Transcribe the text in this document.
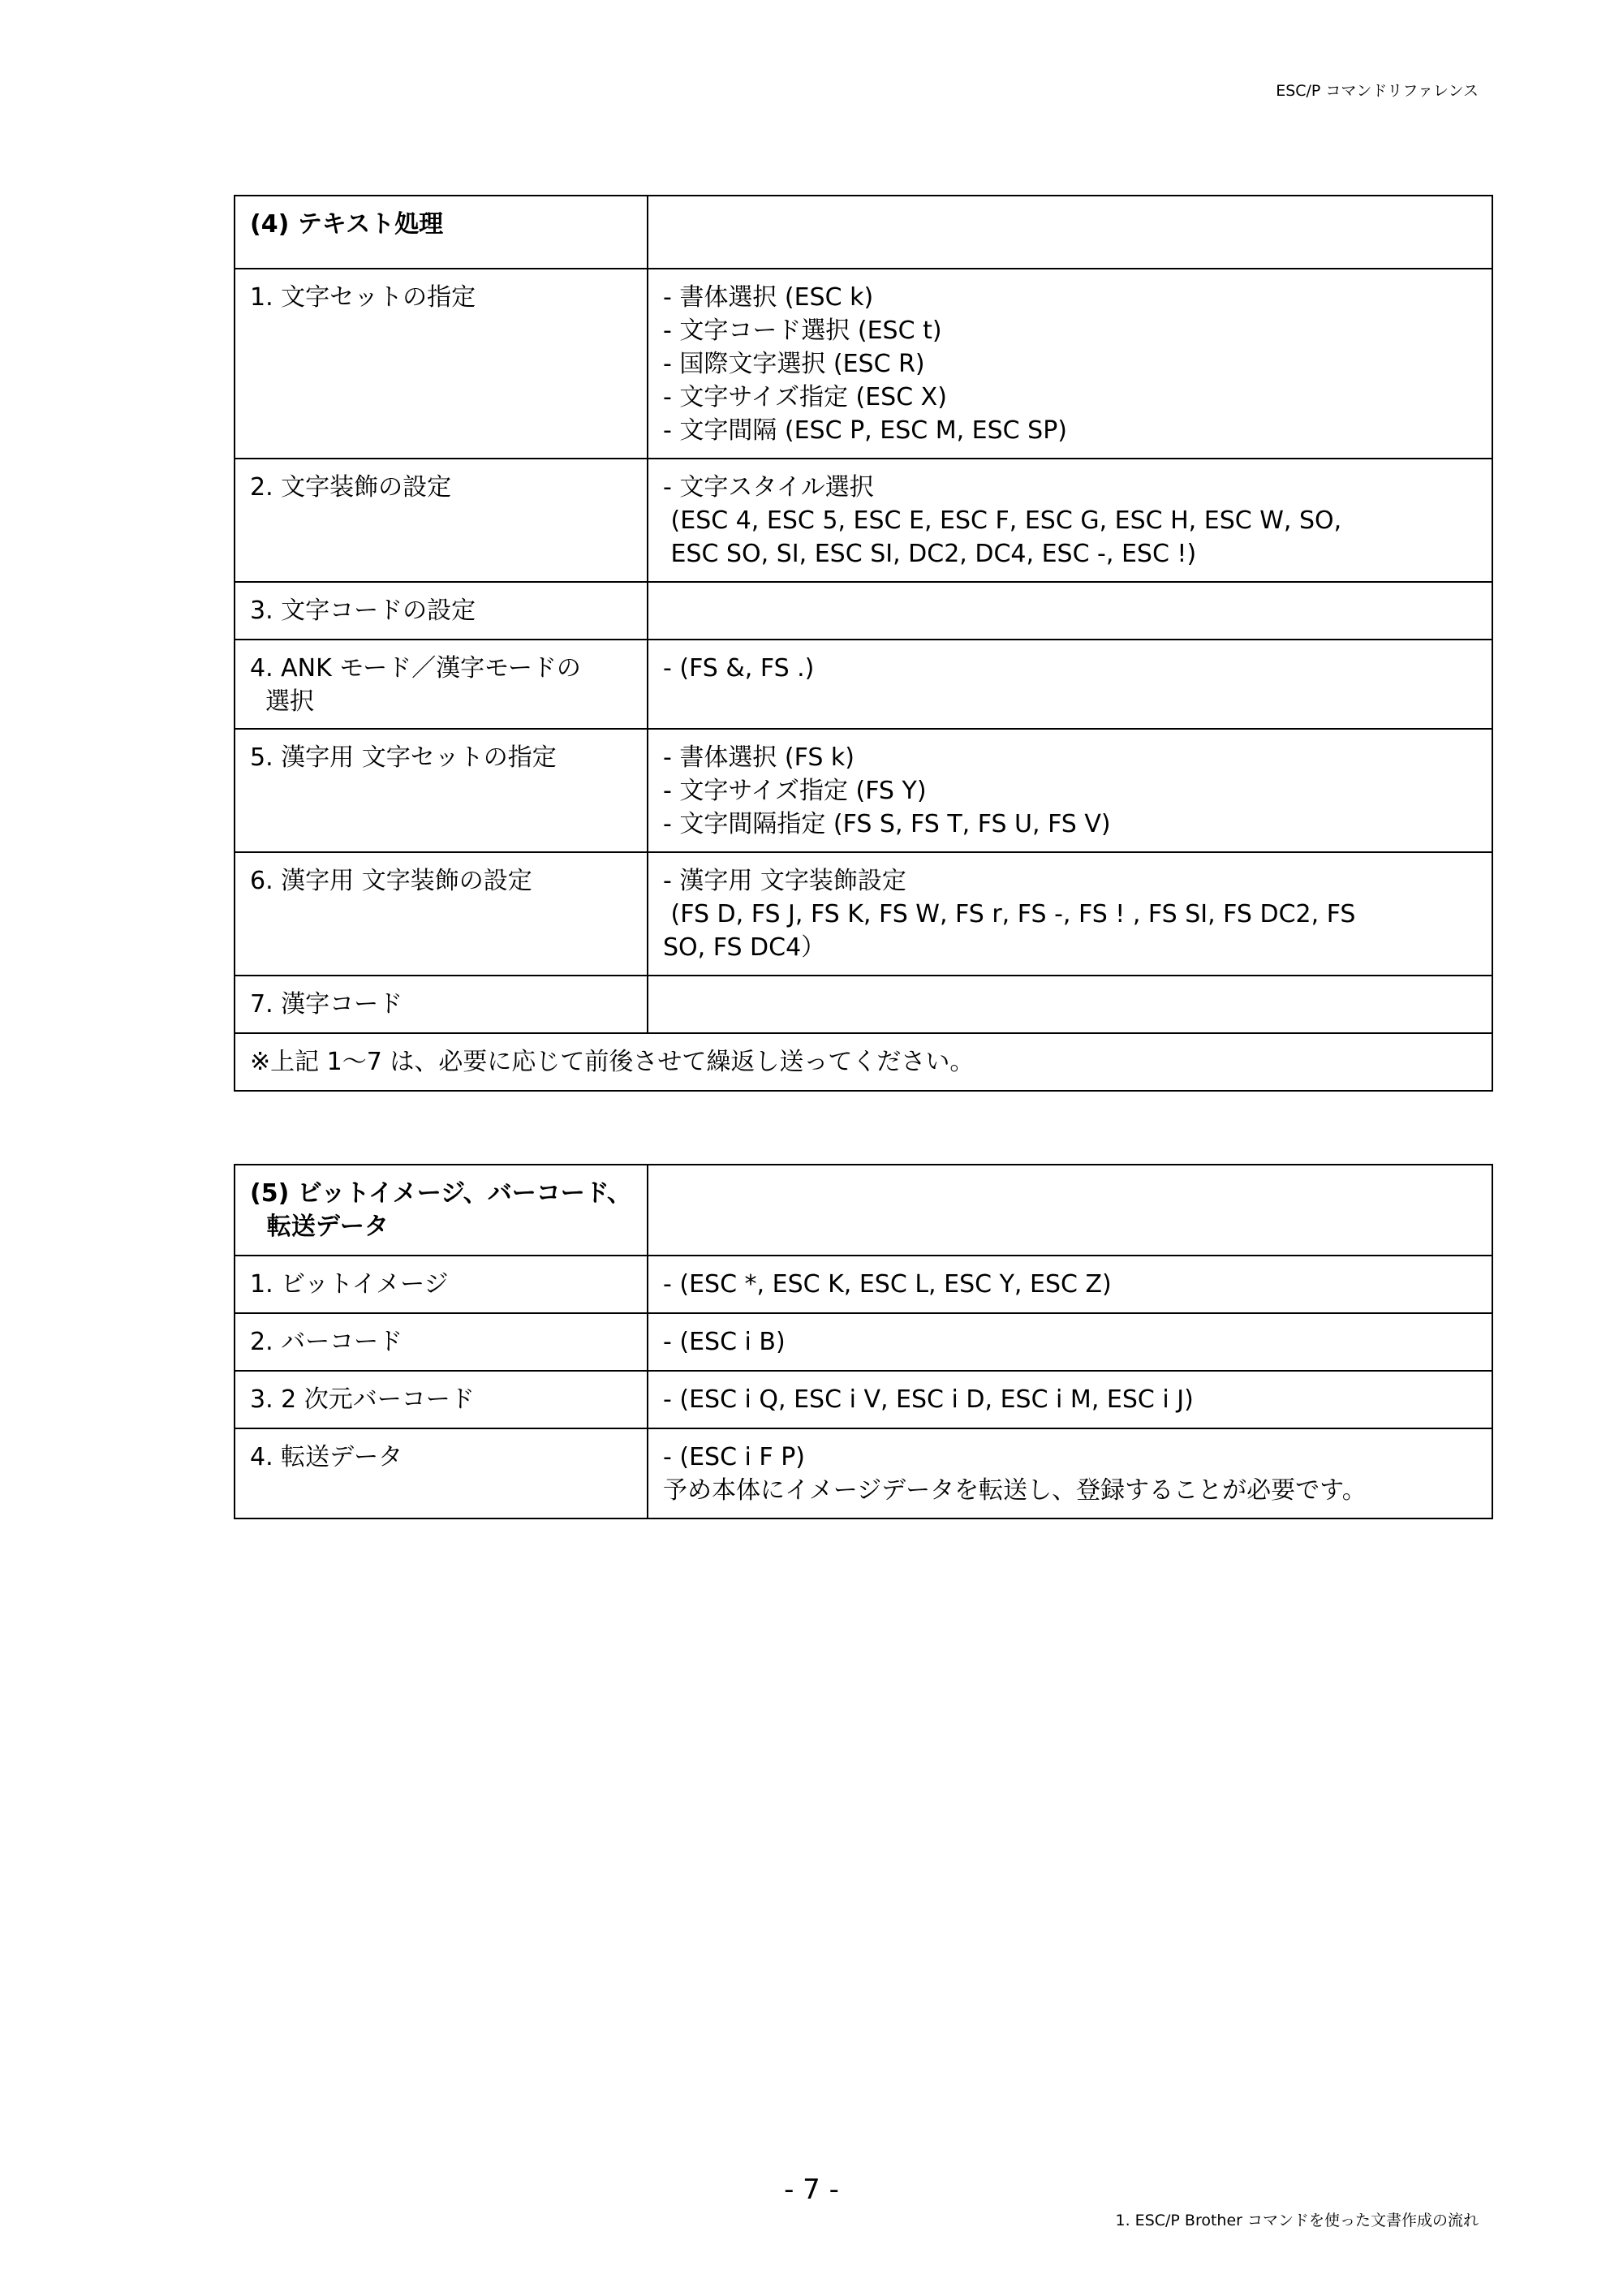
ESC/P コマンドリファレンス
(4) テキスト処理	
1. 文字セットの指定	- 書体選択 (ESC k)
- 文字コード選択 (ESC t)
- 国際文字選択 (ESC R)
- 文字サイズ指定 (ESC X)
- 文字間隔 (ESC P, ESC M, ESC SP)
2. 文字装飾の設定	- 文字スタイル選択
(ESC 4, ESC 5, ESC E, ESC F, ESC G, ESC H, ESC W, SO,
ESC SO, SI, ESC SI, DC2, DC4, ESC -, ESC !)
3. 文字コードの設定	
4. ANK モード／漢字モードの
選択	- (FS &, FS .)
5. 漢字用 文字セットの指定	- 書体選択 (FS k)
- 文字サイズ指定 (FS Y)
- 文字間隔指定 (FS S, FS T, FS U, FS V)
6. 漢字用 文字装飾の設定	- 漢字用 文字装飾設定
(FS D, FS J, FS K, FS W, FS r, FS -, FS ! , FS SI, FS DC2, FS
SO, FS DC4）
7. 漢字コード	
※上記 1〜7 は、必要に応じて前後させて繰返し送ってください。	
(5) ビットイメージ、バーコード、
転送データ	
1. ビットイメージ	- (ESC *, ESC K, ESC L, ESC Y, ESC Z)
2. バーコード	- (ESC i B)
3. 2 次元バーコード	- (ESC i Q, ESC i V, ESC i D, ESC i M, ESC i J)
4. 転送データ	- (ESC i F P)
予め本体にイメージデータを転送し、登録することが必要です。
- 7 -
1. ESC/P Brother コマンドを使った文書作成の流れ
